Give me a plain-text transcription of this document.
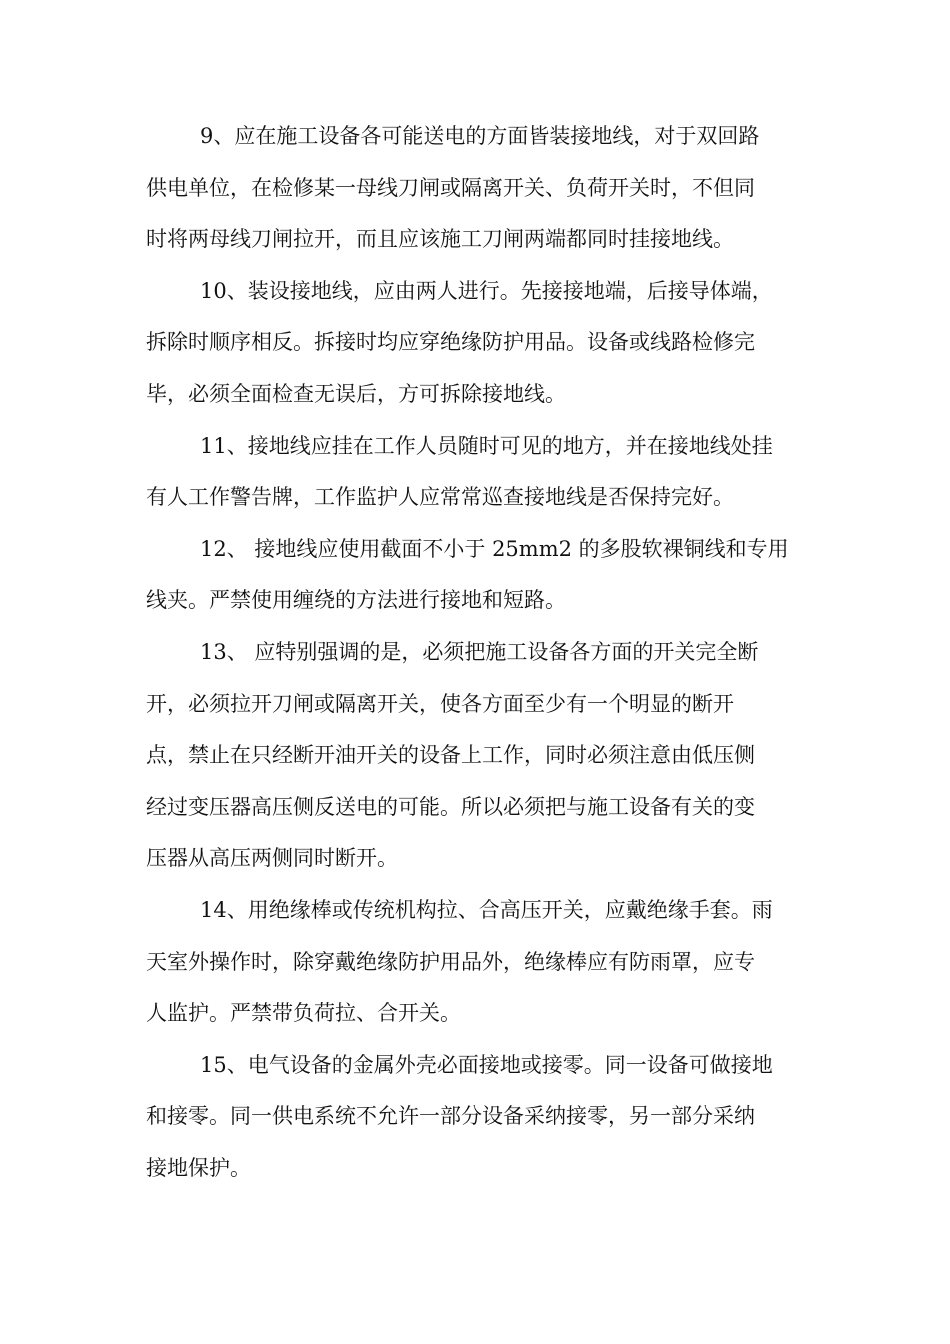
9、应在施工设备各可能送电的方面皆装接地线，对于双回路
供电单位，在检修某一母线刀闸或隔离开关、负荷开关时，不但同
时将两母线刀闸拉开，而且应该施工刀闸两端都同时挂接地线。

10、装设接地线，应由两人进行。先接接地端，后接导体端，
拆除时顺序相反。拆接时均应穿绝缘防护用品。设备或线路检修完
毕，必须全面检查无误后，方可拆除接地线。

11、接地线应挂在工作人员随时可见的地方，并在接地线处挂
有人工作警告牌，工作监护人应常常巡查接地线是否保持完好。

12、 接地线应使用截面不小于 25mm2 的多股软裸铜线和专用
线夹。严禁使用缠绕的方法进行接地和短路。

13、 应特别强调的是，必须把施工设备各方面的开关完全断
开，必须拉开刀闸或隔离开关，使各方面至少有一个明显的断开
点，禁止在只经断开油开关的设备上工作，同时必须注意由低压侧
经过变压器高压侧反送电的可能。所以必须把与施工设备有关的变
压器从高压两侧同时断开。

14、用绝缘棒或传统机构拉、合高压开关，应戴绝缘手套。雨
天室外操作时，除穿戴绝缘防护用品外，绝缘棒应有防雨罩，应专
人监护。严禁带负荷拉、合开关。

15、电气设备的金属外壳必面接地或接零。同一设备可做接地
和接零。同一供电系统不允许一部分设备采纳接零，另一部分采纳
接地保护。
